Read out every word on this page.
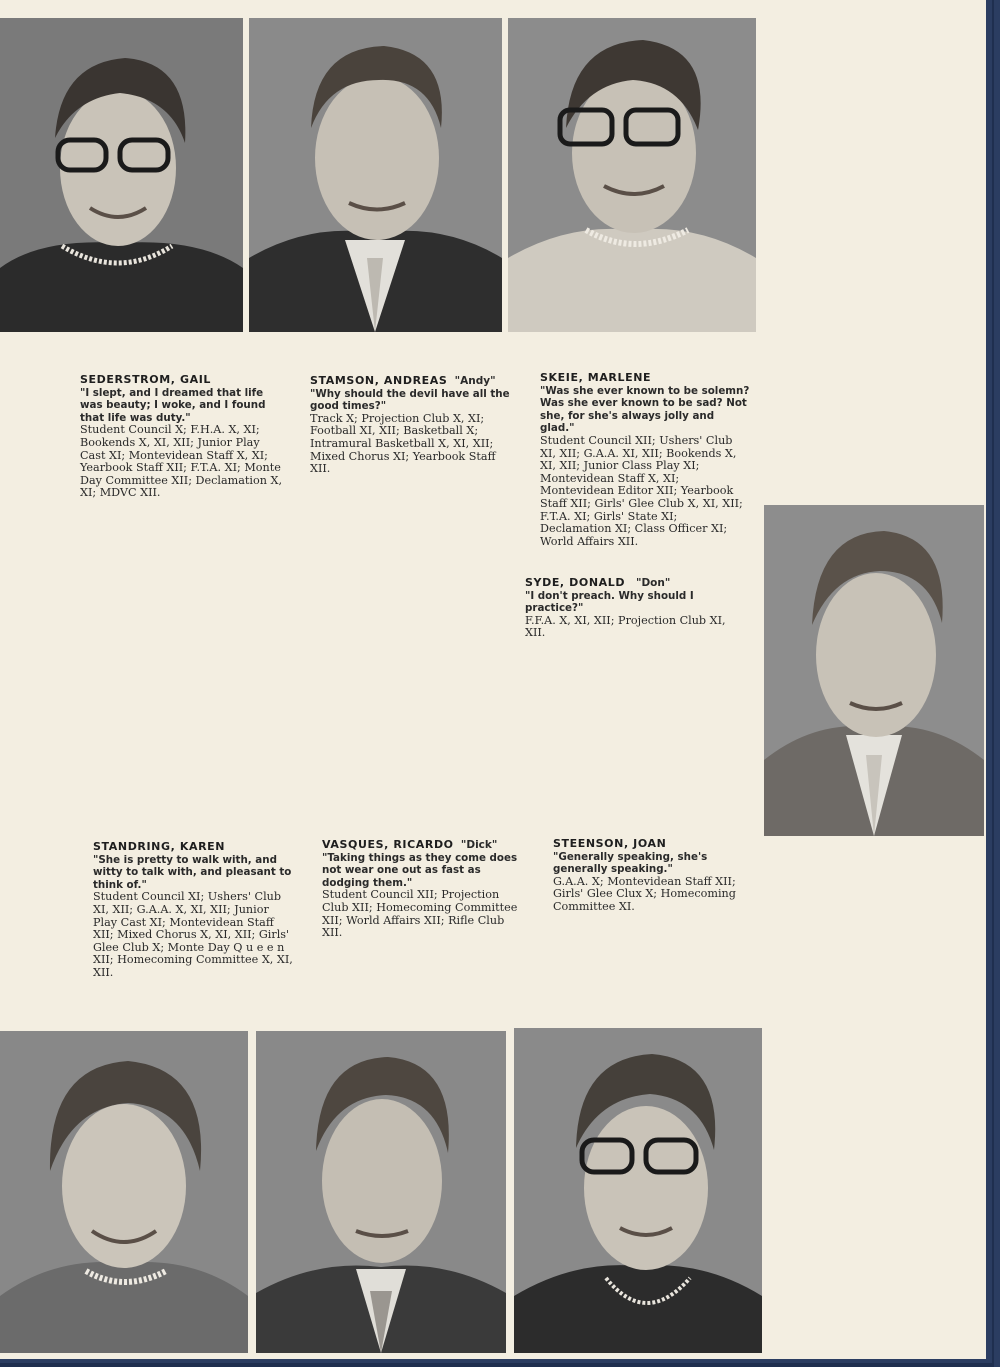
SEDERSTROM, GAIL
"I slept, and I dreamed that life was beauty; I woke, and I found that life was duty."
Student Council X; F.H.A. X, XI; Bookends X, XI, XII; Junior Play Cast XI; Montevidean Staff X, XI; Yearbook Staff XII; F.T.A. XI; Monte Day Committee XII; Declamation X, XI; MDVC XII.
STAMSON, ANDREAS "Andy"
"Why should the devil have all the good times?"
Track X; Projection Club X, XI; Football XI, XII; Basketball X; Intramural Basketball X, XI, XII; Mixed Chorus XI; Yearbook Staff XII.
SKEIE, MARLENE
"Was she ever known to be solemn? Was she ever known to be sad? Not she, for she's always jolly and glad."
Student Council XII; Ushers' Club XI, XII; G.A.A. XI, XII; Bookends X, XI, XII; Junior Class Play XI; Montevidean Staff X, XI; Montevidean Editor XII; Yearbook Staff XII; Girls' Glee Club X, XI, XII; F.T.A. XI; Girls' State XI; Declamation XI; Class Officer XI; World Affairs XII.
SYDE, DONALD "Don"
"I don't preach. Why should I practice?"
F.F.A. X, XI, XII; Projection Club XI, XII.
STANDRING, KAREN
"She is pretty to walk with, and witty to talk with, and pleasant to think of."
Student Council XI; Ushers' Club XI, XII; G.A.A. X, XI, XII; Junior Play Cast XI; Montevidean Staff XII; Mixed Chorus X, XI, XII; Girls' Glee Club X; Monte Day Q u e e n XII; Homecoming Committee X, XI, XII.
VASQUES, RICARDO "Dick"
"Taking things as they come does not wear one out as fast as dodging them."
Student Council XII; Projection Club XII; Homecoming Committee XII; World Affairs XII; Rifle Club XII.
STEENSON, JOAN
"Generally speaking, she's generally speaking."
G.A.A. X; Montevidean Staff XII; Girls' Glee Clux X; Homecoming Committee XI.
